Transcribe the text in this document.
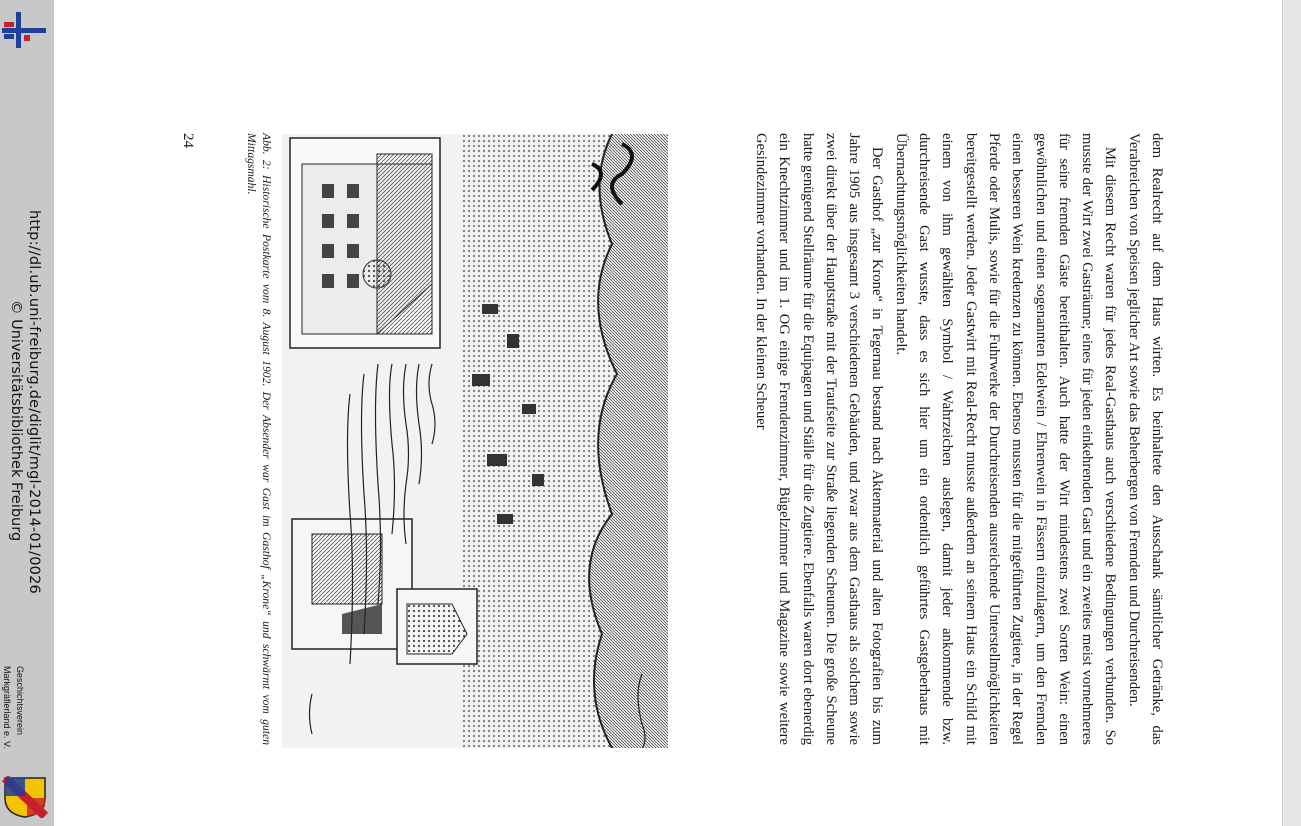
http://dl.ub.uni-freiburg.de/diglit/mgl-2014-01/0026
© Universitätsbibliothek Freiburg
Geschichtsverein
Markgräflerland e. V.
24	Abb. 2: Historische Postkarte vom 8. August 1902. Der Absender war Gast im Gasthof „Krone“ und schwärmt vom guten Mittagsmahl.	dem Realrecht auf dem Haus wirten. Es beinhaltete den Ausschank sämtlicher Getränke, das Verabreichen von Speisen jeglicher Art sowie das Beherbergen von Fremden und Durchreisenden.

Mit diesem Recht waren für jedes Real-Gasthaus auch verschiedene Bedingungen verbunden. So musste der Wirt zwei Gasträume; eines für jeden einkehrenden Gast und ein zweites meist vornehmeres für seine fremden Gäste bereithalten. Auch hatte der Wirt mindestens zwei Sorten Wein: einen gewöhnlichen und einen sogenannten Edelwein / Ehrenwein in Fässern einzulagern, um den Fremden einen besseren Wein kredenzen zu können. Ebenso mussten für die mitgeführten Zugtiere, in der Regel Pferde oder Mulis, sowie für die Fuhrwerke der Durchreisenden ausreichende Unterstellmöglichkeiten bereitgestellt werden. Jeder Gastwirt mit Real-Recht musste außerdem an seinem Haus ein Schild mit einem von ihm gewählten Symbol / Wahrzeichen auslegen, damit jeder ankommende bzw. durchreisende Gast wusste, dass es sich hier um ein ordentlich geführtes Gastgeberhaus mit Übernachtungsmöglichkeiten handelt.

Der Gasthof „zur Krone“ in Tegernau bestand nach Aktenmaterial und alten Fotografien bis zum Jahre 1905 aus insgesamt 3 verschiedenen Gebäuden, und zwar aus dem Gasthaus als solchem sowie zwei direkt über der Hauptstraße mit der Traufseite zur Straße liegenden Scheunen. Die große Scheune hatte genügend Stellräume für die Equipagen und Ställe für die Zugtiere. Ebenfalls waren dort ebenerdig ein Knechtzimmer und im 1. OG einige Fremdenzimmer, Bügelzimmer und Magazine sowie weitere Gesindezimmer vorhanden. In der kleinen Scheuer
